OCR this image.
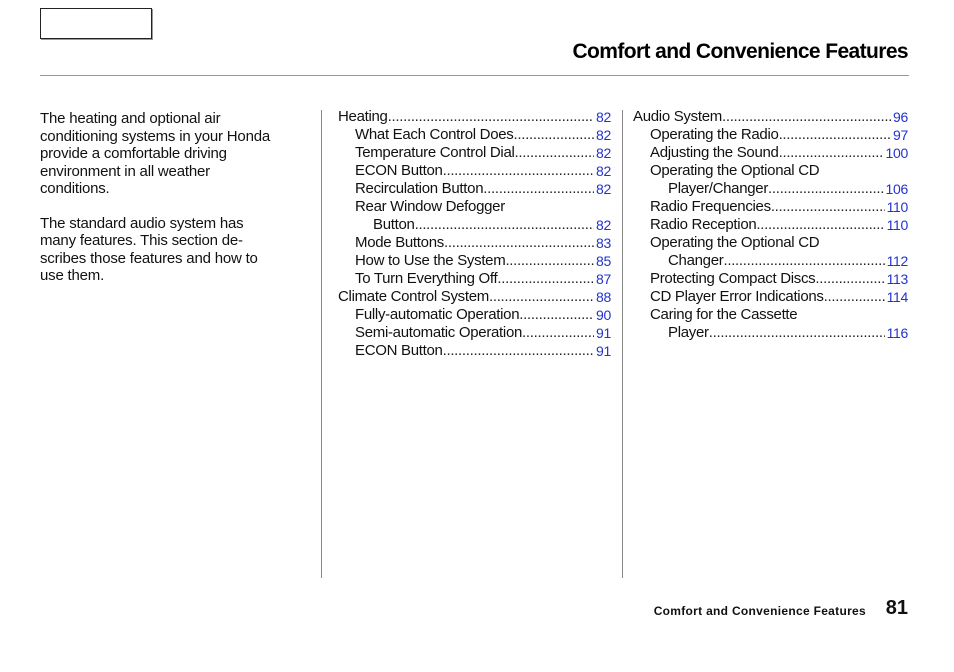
Comfort and Convenience Features

The heating and optional air
conditioning systems in your Honda
provide a comfortable driving
environment in all weather
conditions.

The standard audio system has
many features. This section de-
scribes those features and how to
use them.

Heating .....	82
What Each Control Does .....	82
Temperature Control Dial .....	82
ECON Button .....	82
Recirculation Button .....	82
Rear Window Defogger
Button .....	82
Mode Buttons .....	83
How to Use the System .....	85
To Turn Everything Off .....	87
Climate Control System .....	88
Fully-automatic Operation .....	90
Semi-automatic Operation .....	91
ECON Button .....	91
Audio System .....	96
Operating the Radio .....	97
Adjusting the Sound .....	100
Operating the Optional CD
Player/Changer .....	106
Radio Frequencies .....	110
Radio Reception .....	110
Operating the Optional CD
Changer .....	112
Protecting Compact Discs .....	113
CD Player Error Indications .....	114
Caring for the Cassette
Player .....	116
Comfort and Convenience Features 81
